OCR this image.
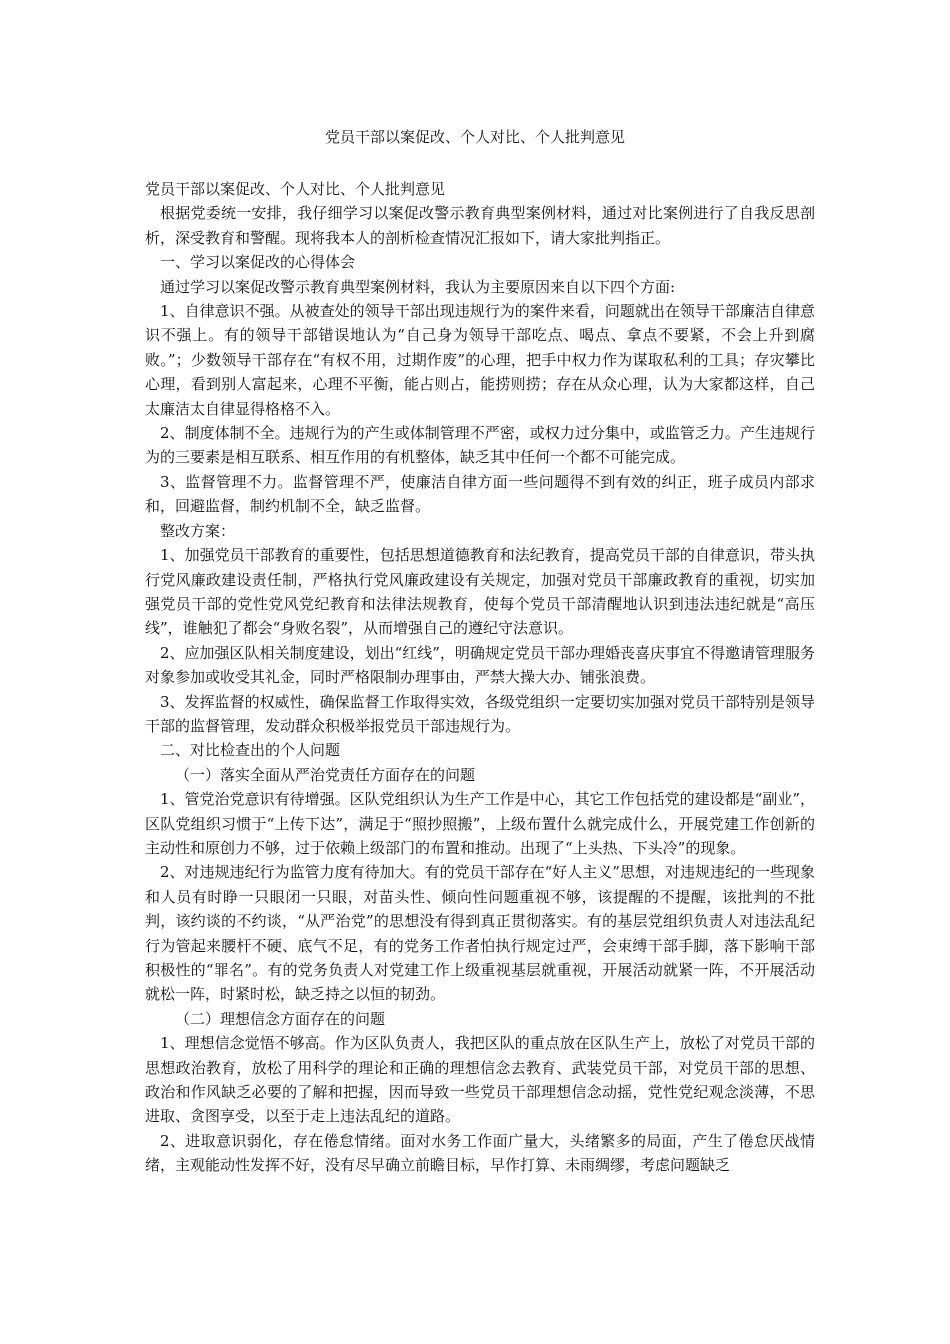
党员干部以案促改、个人对比、个人批判意见

党员干部以案促改、个人对比、个人批判意见

根据党委统一安排，我仔细学习以案促改警示教育典型案例材料，通过对比案例进行了自我反思剖析，深受教育和警醒。现将我本人的剖析检查情况汇报如下，请大家批判指正。

一、学习以案促改的心得体会

通过学习以案促改警示教育典型案例材料，我认为主要原因来自以下四个方面:

1、自律意识不强。从被查处的领导干部出现违规行为的案件来看，问题就出在领导干部廉洁自律意识不强上。有的领导干部错误地认为“自己身为领导干部吃点、喝点、拿点不要紧，不会上升到腐败。”；少数领导干部存在“有权不用，过期作废”的心理，把手中权力作为谋取私利的工具；存灾攀比心理，看到别人富起来，心理不平衡，能占则占，能捞则捞；存在从众心理，认为大家都这样，自己太廉洁太自律显得格格不入。

2、制度体制不全。违规行为的产生或体制管理不严密，或权力过分集中，或监管乏力。产生违规行为的三要素是相互联系、相互作用的有机整体，缺乏其中任何一个都不可能完成。

3、监督管理不力。监督管理不严，使廉洁自律方面一些问题得不到有效的纠正，班子成员内部求和，回避监督，制约机制不全，缺乏监督。

整改方案：

1、加强党员干部教育的重要性，包括思想道德教育和法纪教育，提高党员干部的自律意识，带头执行党风廉政建设责任制，严格执行党风廉政建设有关规定，加强对党员干部廉政教育的重视，切实加强党员干部的党性党风党纪教育和法律法规教育，使每个党员干部清醒地认识到违法违纪就是“高压线”，谁触犯了都会“身败名裂”，从而增强自己的遵纪守法意识。

2、应加强区队相关制度建设，划出“红线”，明确规定党员干部办理婚丧喜庆事宜不得邀请管理服务对象参加或收受其礼金，同时严格限制办理事由，严禁大操大办、铺张浪费。

3、发挥监督的权威性，确保监督工作取得实效，各级党组织一定要切实加强对党员干部特别是领导干部的监督管理，发动群众积极举报党员干部违规行为。

二、对比检查出的个人问题

（一）落实全面从严治党责任方面存在的问题

1、管党治党意识有待增强。区队党组织认为生产工作是中心，其它工作包括党的建设都是“副业”，区队党组织习惯于“上传下达”，满足于“照抄照搬”，上级布置什么就完成什么，开展党建工作创新的主动性和原创力不够，过于依赖上级部门的布置和推动。出现了“上头热、下头冷”的现象。

2、对违规违纪行为监管力度有待加大。有的党员干部存在“好人主义”思想，对违规违纪的一些现象和人员有时睁一只眼闭一只眼，对苗头性、倾向性问题重视不够，该提醒的不提醒，该批判的不批判，该约谈的不约谈，“从严治党”的思想没有得到真正贯彻落实。有的基层党组织负责人对违法乱纪行为管起来腰杆不硬、底气不足，有的党务工作者怕执行规定过严，会束缚干部手脚，落下影响干部积极性的“罪名”。有的党务负责人对党建工作上级重视基层就重视，开展活动就紧一阵，不开展活动就松一阵，时紧时松，缺乏持之以恒的韧劲。

（二）理想信念方面存在的问题

1、理想信念觉悟不够高。作为区队负责人，我把区队的重点放在区队生产上，放松了对党员干部的思想政治教育，放松了用科学的理论和正确的理想信念去教育、武装党员干部，对党员干部的思想、政治和作风缺乏必要的了解和把握，因而导致一些党员干部理想信念动摇，党性党纪观念淡薄，不思进取、贪图享受，以至于走上违法乱纪的道路。

2、进取意识弱化，存在倦怠情绪。面对水务工作面广量大，头绪繁多的局面，产生了倦怠厌战情绪，主观能动性发挥不好，没有尽早确立前瞻目标，早作打算、未雨绸缪，考虑问题缺乏
